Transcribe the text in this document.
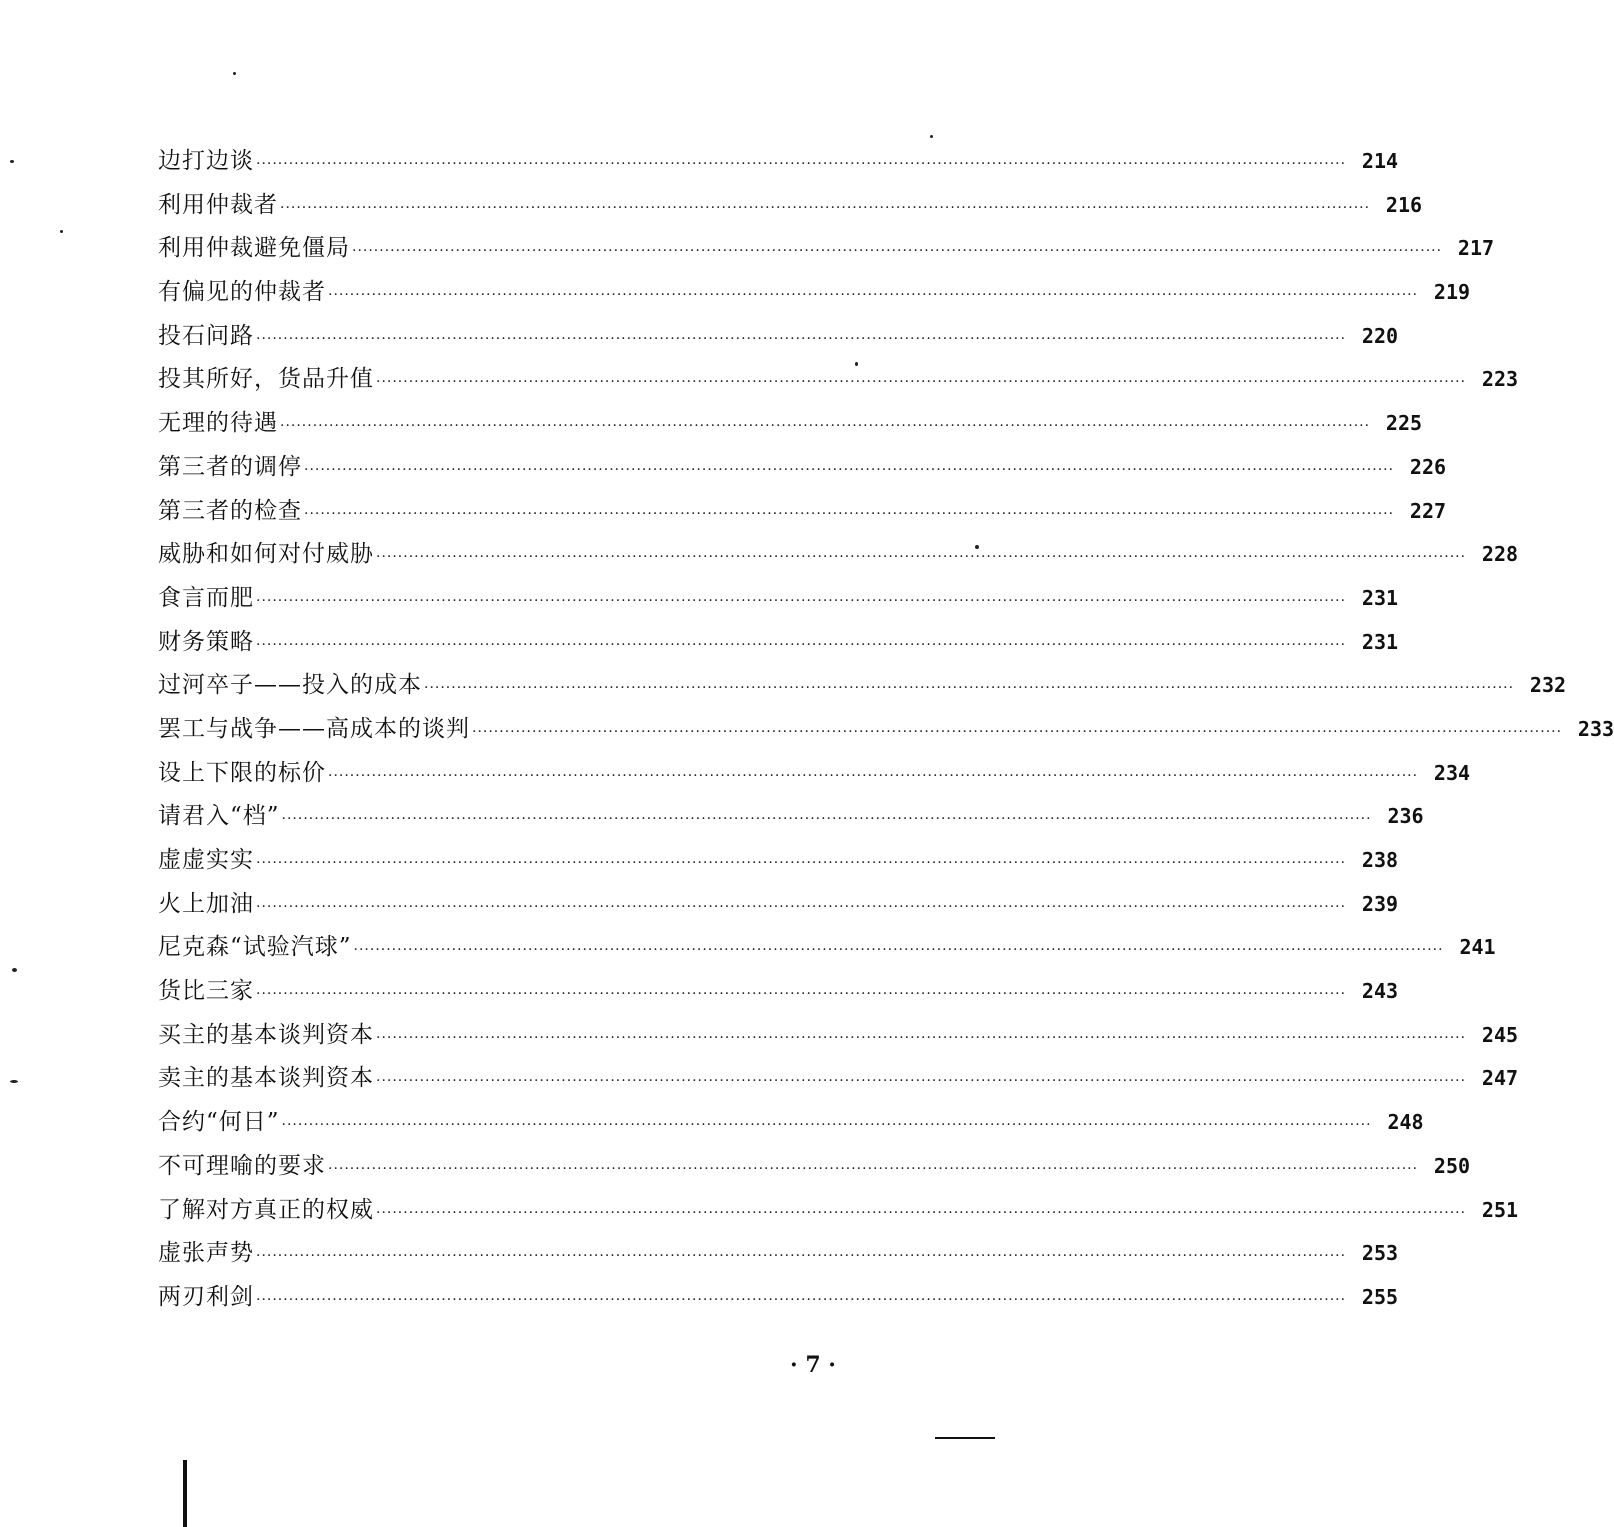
边打边谈 ········································································································································································································ 214
利用仲裁者 ········································································································································································································ 216
利用仲裁避免僵局 ········································································································································································································ 217
有偏见的仲裁者 ········································································································································································································ 219
投石问路 ········································································································································································································ 220
投其所好，货品升值 ········································································································································································································ 223
无理的待遇 ········································································································································································································ 225
第三者的调停 ········································································································································································································ 226
第三者的检查 ········································································································································································································ 227
威胁和如何对付威胁 ········································································································································································································ 228
食言而肥 ········································································································································································································ 231
财务策略 ········································································································································································································ 231
过河卒子——投入的成本 ········································································································································································································ 232
罢工与战争——高成本的谈判 ········································································································································································································ 233
设上下限的标价 ········································································································································································································ 234
请君入“档” ········································································································································································································ 236
虚虚实实 ········································································································································································································ 238
火上加油 ········································································································································································································ 239
尼克森“试验汽球” ········································································································································································································ 241
货比三家 ········································································································································································································ 243
买主的基本谈判资本 ········································································································································································································ 245
卖主的基本谈判资本 ········································································································································································································ 247
合约“何日” ········································································································································································································ 248
不可理喻的要求 ········································································································································································································ 250
了解对方真正的权威 ········································································································································································································ 251
虚张声势 ········································································································································································································ 253
两刃利剑 ········································································································································································································ 255
· 7 ·
